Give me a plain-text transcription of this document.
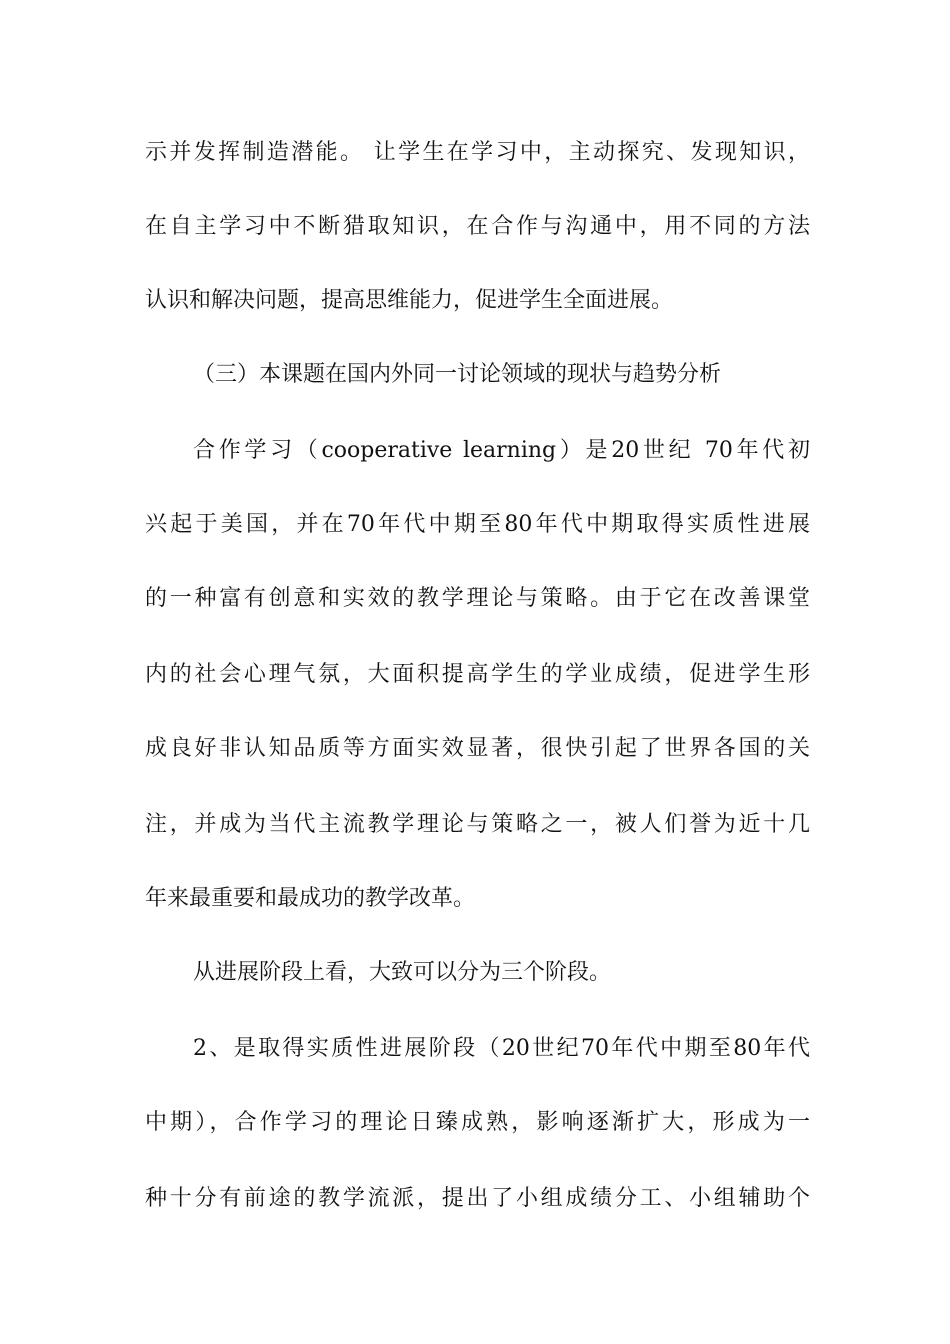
示并发挥制造潜能。 让学生在学习中，主动探究、发现知识，
在自主学习中不断猎取知识，在合作与沟通中，用不同的方法
认识和解决问题，提高思维能力，促进学生全面进展。
（三）本课题在国内外同一讨论领域的现状与趋势分析
合作学习（cooperative learning）是20世纪 70年代初
兴起于美国，并在70年代中期至80年代中期取得实质性进展
的一种富有创意和实效的教学理论与策略。由于它在改善课堂
内的社会心理气氛，大面积提高学生的学业成绩，促进学生形
成良好非认知品质等方面实效显著，很快引起了世界各国的关
注，并成为当代主流教学理论与策略之一，被人们誉为近十几
年来最重要和最成功的教学改革。
从进展阶段上看，大致可以分为三个阶段。
2、是取得实质性进展阶段（20世纪70年代中期至80年代
中期），合作学习的理论日臻成熟，影响逐渐扩大，形成为一
种十分有前途的教学流派，提出了小组成绩分工、小组辅助个
